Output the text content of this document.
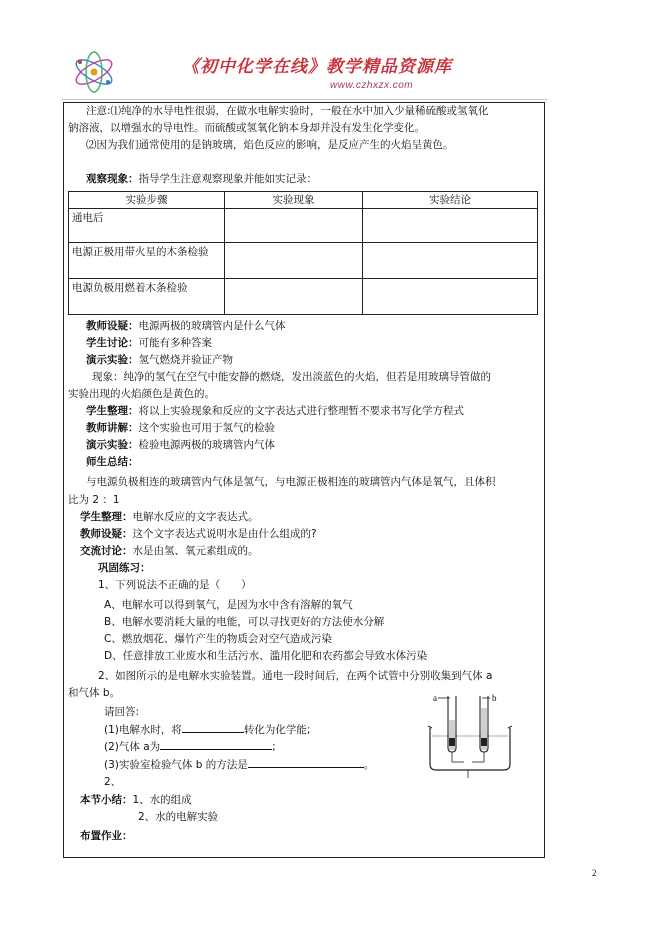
《初中化学在线》教学精品资源库
www.czhxzx.com
注意:⑴纯净的水导电性很弱，在做水电解实验时，一般在水中加入少量稀硫酸或氢氧化
钠溶液，以增强水的导电性。而硫酸或氢氧化钠本身却并没有发生化学变化。
⑵因为我们通常使用的是钠玻璃，焰色反应的影响，是反应产生的火焰呈黄色。
观察现象：指导学生注意观察现象并能如实记录：
实验步骤	实验现象	实验结论
通电后		
电源正极用带火星的木条检验		
电源负极用燃着木条检验		
教师设疑：电源两极的玻璃管内是什么气体
学生讨论：可能有多种答案
演示实验：氢气燃烧并验证产物
现象：纯净的氢气在空气中能安静的燃烧，发出淡蓝色的火焰，但若是用玻璃导管做的
实验出现的火焰颜色是黄色的。
学生整理：将以上实验现象和反应的文字表达式进行整理暂不要求书写化学方程式
教师讲解：这个实验也可用于氢气的检验
演示实验：检验电源两极的玻璃管内气体
师生总结：
与电源负极相连的玻璃管内气体是氢气，与电源正极相连的玻璃管内气体是氧气，且体积
比为 2 ：1
学生整理：电解水反应的文字表达式。
教师设疑：这个文字表达式说明水是由什么组成的?
交流讨论：水是由氢、氧元素组成的。
巩固练习：
1、下列说法不正确的是（　　）
A、电解水可以得到氧气，是因为水中含有溶解的氧气
B、电解水要消耗大量的电能，可以寻找更好的方法使水分解
C、燃放烟花、爆竹产生的物质会对空气造成污染
D、任意排放工业废水和生活污水、滥用化肥和农药都会导致水体污染
2、如图所示的是电解水实验装置。通电一段时间后，在两个试管中分别收集到气体 a
和气体 b。
请回答:
(1)电解水时，将	转化为化学能;
(2)气体 a为	;
(3)实验室检验气体 b 的方法是	。
2、
a	b
本节小结：1、水的组成
2、水的电解实验
布置作业：
2
